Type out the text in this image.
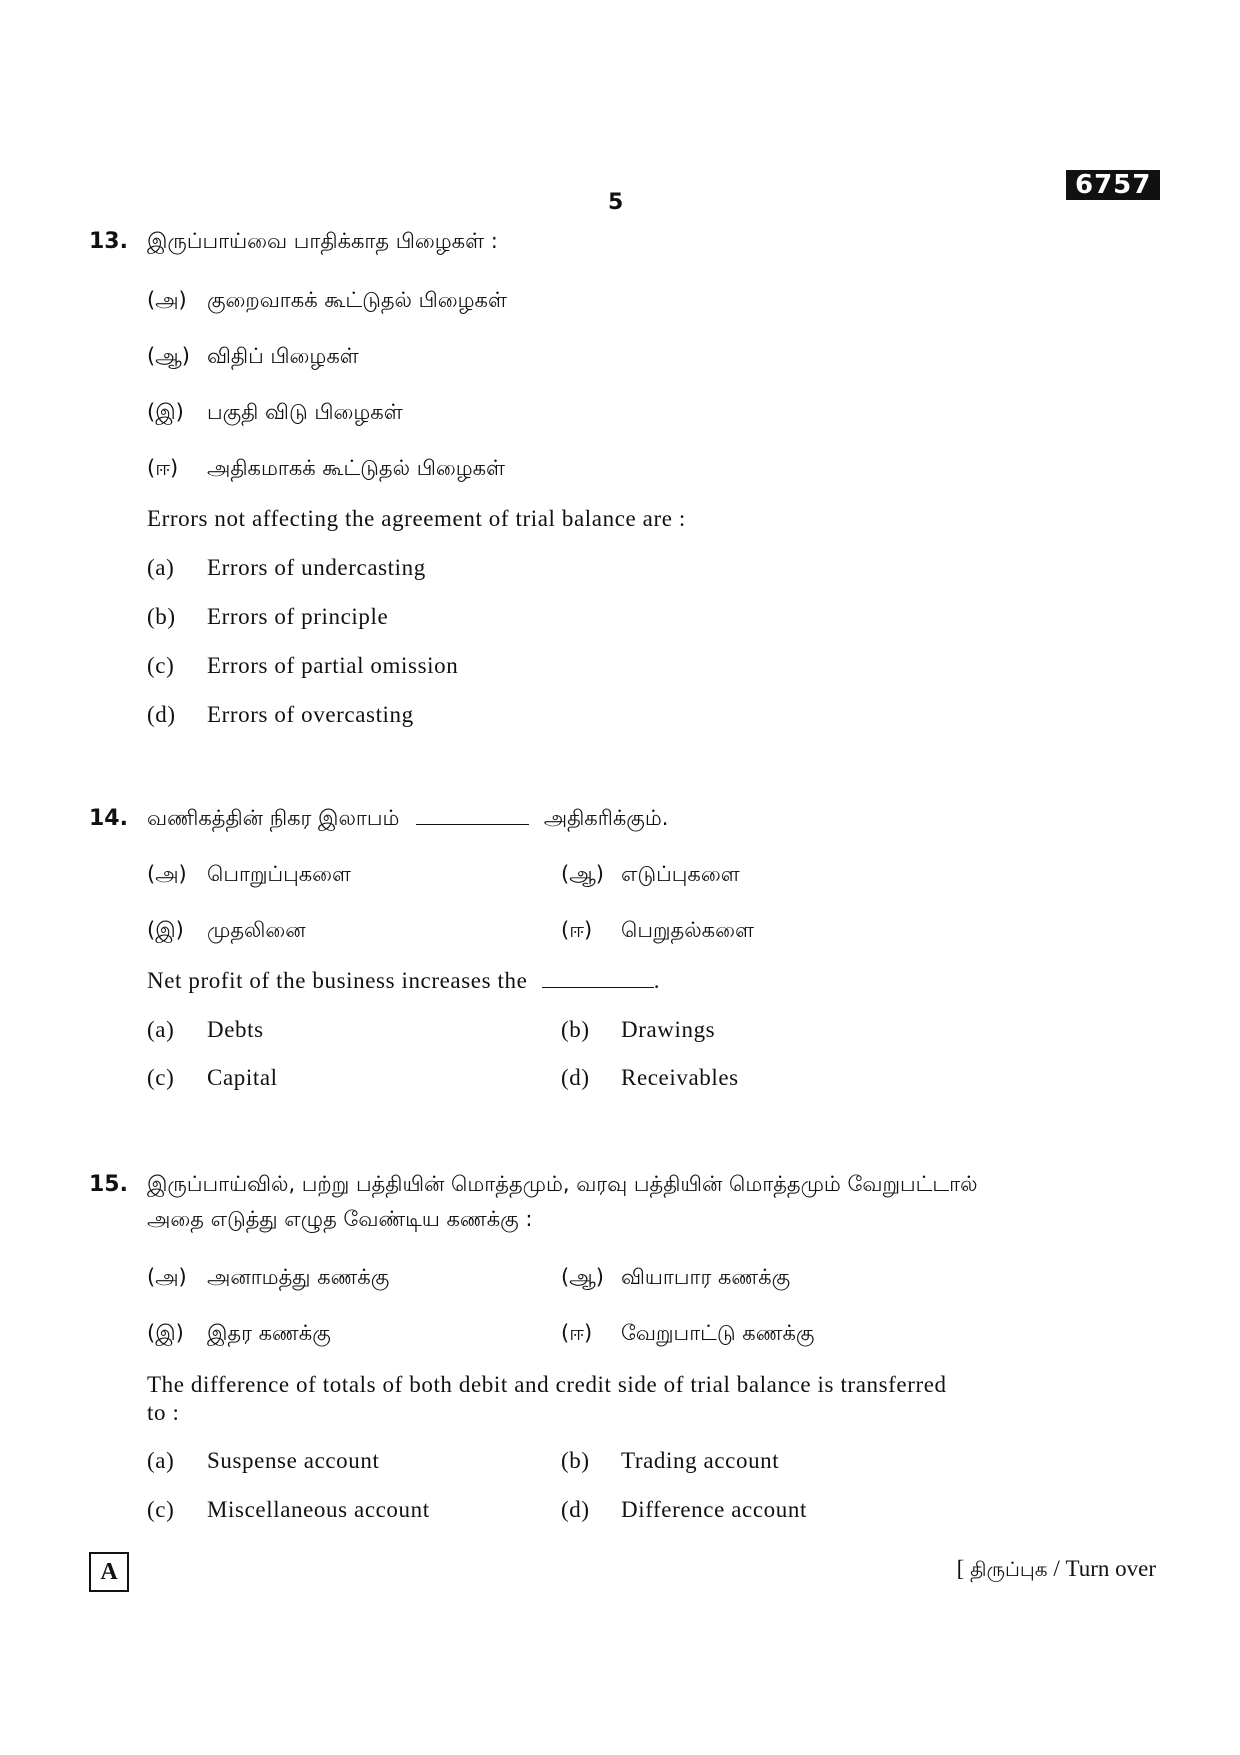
5
6757
13. இருப்பாய்வை பாதிக்காத பிழைகள் :
(அ) குறைவாகக் கூட்டுதல் பிழைகள்
(ஆ) விதிப் பிழைகள்
(இ) பகுதி விடு பிழைகள்
(ஈ) அதிகமாகக் கூட்டுதல் பிழைகள்
Errors not affecting the agreement of trial balance are :
(a) Errors of undercasting
(b) Errors of principle
(c) Errors of partial omission
(d) Errors of overcasting
14. வணிகத்தின் நிகர இலாபம்	அதிகரிக்கும்.
(அ) பொறுப்புகளை	(ஆ) எடுப்புகளை
(இ) முதலினை	(ஈ) பெறுதல்களை
Net profit of the business increases the	.
(a) Debts	(b) Drawings
(c) Capital	(d) Receivables
15. இருப்பாய்வில், பற்று பத்தியின் மொத்தமும், வரவு பத்தியின் மொத்தமும் வேறுபட்டால்
அதை எடுத்து எழுத வேண்டிய கணக்கு :
(அ) அனாமத்து கணக்கு	(ஆ) வியாபார கணக்கு
(இ) இதர கணக்கு	(ஈ) வேறுபாட்டு கணக்கு
The difference of totals of both debit and credit side of trial balance is transferred
to :
(a) Suspense account	(b) Trading account
(c) Miscellaneous account	(d) Difference account
A	[ திருப்புக / Turn over
